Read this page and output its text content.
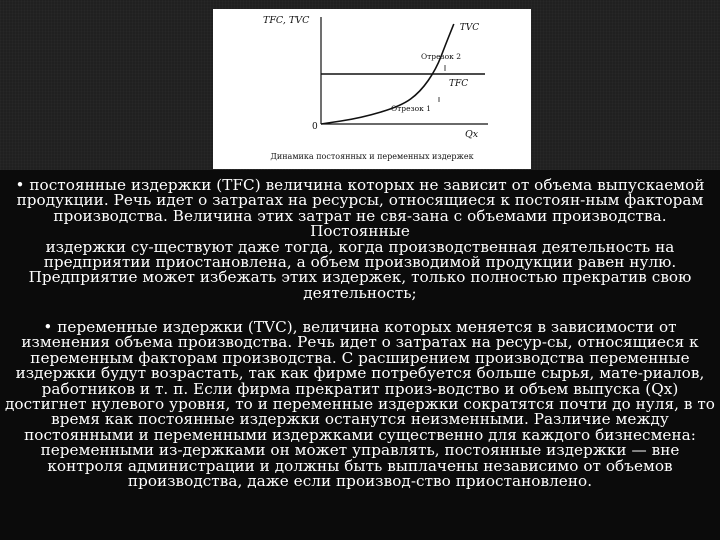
TFC, TVC
Qx
0
TFC
TVC
Отрезок 2
Отрезок 1
Динамика постоянных и переменных издержек
• постоянные издержки (TFC) величина которых не зависит от объема выпускаемой
продукции. Речь идет о затратах на ресурсы, относящиеся к постоян-ным факторам
производства. Величина этих затрат не свя-зана с объемами производства. Постоянные
издержки су-ществуют даже тогда, когда производственная деятельность на
предприятии приостановлена, а объем производимой продукции равен нулю.
Предприятие может избежать этих издержек, только полностью прекратив свою
деятельность;
• переменные издержки (TVC), величина которых меняется в зависимости от
изменения объема производства. Речь идет о затратах на ресур-сы, относящиеся к
переменным факторам производства. С расширением производства переменные
издержки будут возрастать, так как фирме потребуется больше сырья, мате-риалов,
работников и т. п. Если фирма прекратит произ-водство и объем выпуска (Qx)
достигнет нулевого уровня, то и переменные издержки сократятся почти до нуля, в то
время как постоянные издержки останутся неизменными. Различие между
постоянными и переменными издержками существенно для каждого бизнесмена:
переменными из-держками он может управлять, постоянные издержки — вне
контроля администрации и должны быть выплачены независимо от объемов
производства, даже если производ-ство приостановлено.
